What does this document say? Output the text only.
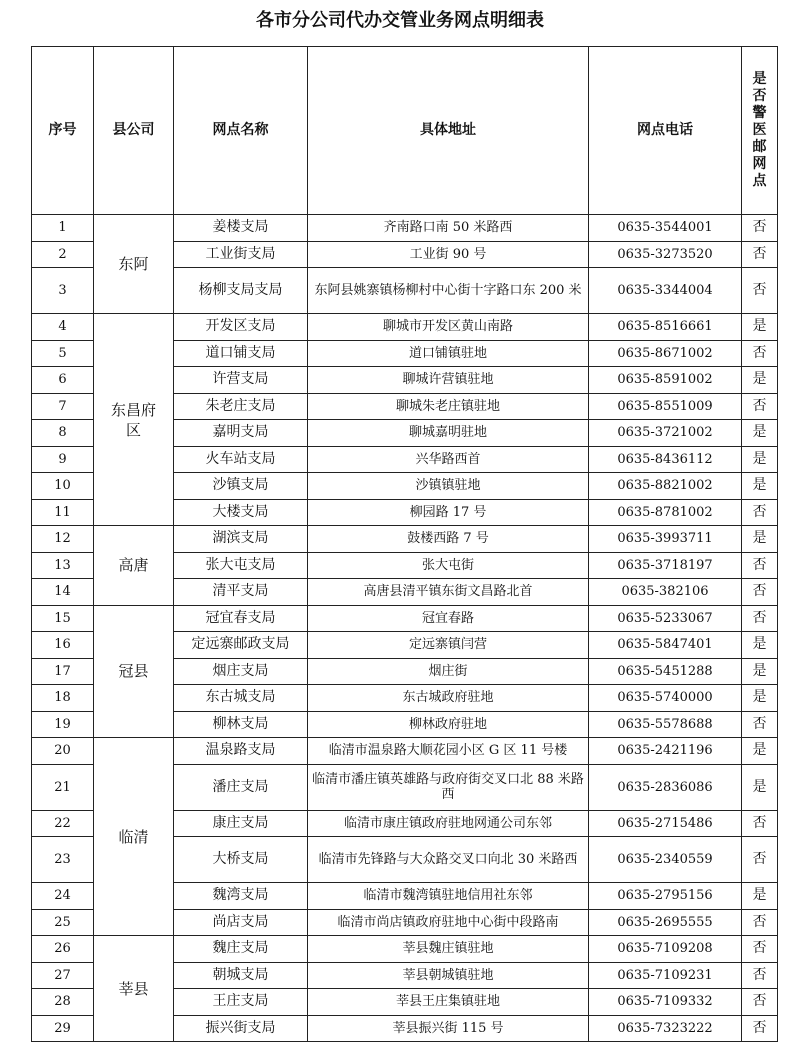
各市分公司代办交管业务网点明细表
序号	县公司	网点名称	具体地址	网点电话	是否警医邮网点

1	东阿	姜楼支局	齐南路口南 50 米路西	0635-3544001	否
2		工业街支局	工业街 90 号	0635-3273520	否
3		杨柳支局支局	东阿县姚寨镇杨柳村中心街十字路口东 200 米	0635-3344004	否
4	东昌府区	开发区支局	聊城市开发区黄山南路	0635-8516661	是
5		道口铺支局	道口铺镇驻地	0635-8671002	否
6		许营支局	聊城许营镇驻地	0635-8591002	是
7		朱老庄支局	聊城朱老庄镇驻地	0635-8551009	否
8		嘉明支局	聊城嘉明驻地	0635-3721002	是
9		火车站支局	兴华路西首	0635-8436112	是
10		沙镇支局	沙镇镇驻地	0635-8821002	是
11		大楼支局	柳园路 17 号	0635-8781002	否
12	高唐	湖滨支局	鼓楼西路 7 号	0635-3993711	是
13		张大屯支局	张大屯街	0635-3718197	否
14		清平支局	高唐县清平镇东街文昌路北首	0635-382106	否
15	冠县	冠宜春支局	冠宜春路	0635-5233067	否
16		定远寨邮政支局	定远寨镇闫营	0635-5847401	是
17		烟庄支局	烟庄街	0635-5451288	是
18		东古城支局	东古城政府驻地	0635-5740000	是
19		柳林支局	柳林政府驻地	0635-5578688	否
20	临清	温泉路支局	临清市温泉路大顺花园小区 G 区 11 号楼	0635-2421196	是
21		潘庄支局	临清市潘庄镇英雄路与政府街交叉口北 88 米路西	0635-2836086	是
22		康庄支局	临清市康庄镇政府驻地网通公司东邻	0635-2715486	否
23		大桥支局	临清市先锋路与大众路交叉口向北 30 米路西	0635-2340559	否
24		魏湾支局	临清市魏湾镇驻地信用社东邻	0635-2795156	是
25		尚店支局	临清市尚店镇政府驻地中心街中段路南	0635-2695555	否
26	莘县	魏庄支局	莘县魏庄镇驻地	0635-7109208	否
27		朝城支局	莘县朝城镇驻地	0635-7109231	否
28		王庄支局	莘县王庄集镇驻地	0635-7109332	否
29		振兴街支局	莘县振兴街 115 号	0635-7323222	否
